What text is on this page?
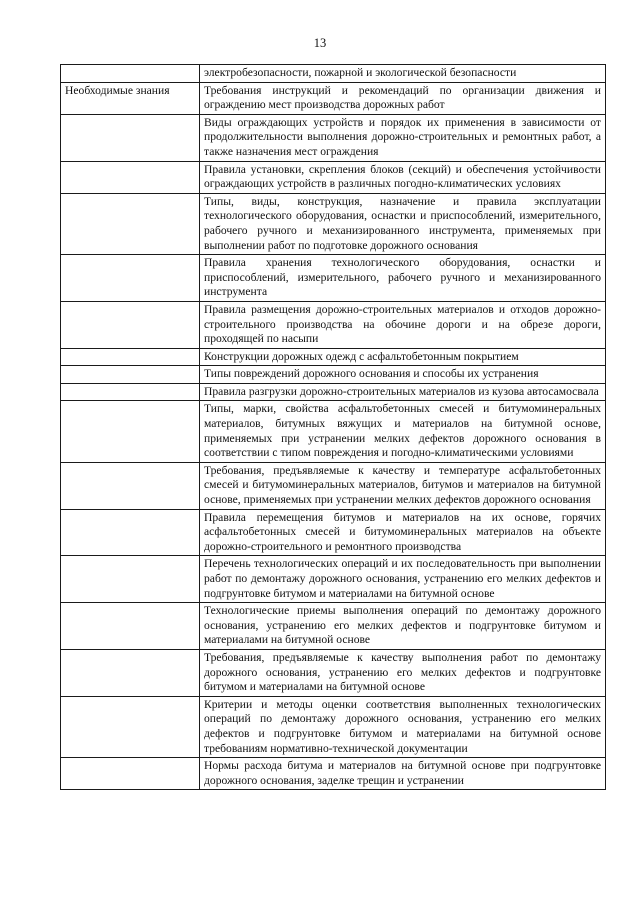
13
	электробезопасности, пожарной и экологической безопасности
Необходимые знания	Требования инструкций и рекомендаций по организации движения и ограждению мест производства дорожных работ
	Виды ограждающих устройств и порядок их применения в зависимости от продолжительности выполнения дорожно-строительных и ремонтных работ, а также назначения мест ограждения
	Правила установки, скрепления блоков (секций) и обеспечения устойчивости ограждающих устройств в различных погодно-климатических условиях
	Типы, виды, конструкция, назначение и правила эксплуатации технологического оборудования, оснастки и приспособлений, измерительного, рабочего ручного и механизированного инструмента, применяемых при выполнении работ по подготовке дорожного основания
	Правила хранения технологического оборудования, оснастки и приспособлений, измерительного, рабочего ручного и механизированного инструмента
	Правила размещения дорожно-строительных материалов и отходов дорожно-строительного производства на обочине дороги и на обрезе дороги, проходящей по насыпи
	Конструкции дорожных одежд с асфальтобетонным покрытием
	Типы повреждений дорожного основания и способы их устранения
	Правила разгрузки дорожно-строительных материалов из кузова автосамосвала
	Типы, марки, свойства асфальтобетонных смесей и битумоминеральных материалов, битумных вяжущих и материалов на битумной основе, применяемых при устранении мелких дефектов дорожного основания в соответствии с типом повреждения и погодно-климатическими условиями
	Требования, предъявляемые к качеству и температуре асфальтобетонных смесей и битумоминеральных материалов, битумов и материалов на битумной основе, применяемых при устранении мелких дефектов дорожного основания
	Правила перемещения битумов и материалов на их основе, горячих асфальтобетонных смесей и битумоминеральных материалов на объекте дорожно-строительного и ремонтного производства
	Перечень технологических операций и их последовательность при выполнении работ по демонтажу дорожного основания, устранению его мелких дефектов и подгрунтовке битумом и материалами на битумной основе
	Технологические приемы выполнения операций по демонтажу дорожного основания, устранению его мелких дефектов и подгрунтовке битумом и материалами на битумной основе
	Требования, предъявляемые к качеству выполнения работ по демонтажу дорожного основания, устранению его мелких дефектов и подгрунтовке битумом и материалами на битумной основе
	Критерии и методы оценки соответствия выполненных технологических операций по демонтажу дорожного основания, устранению его мелких дефектов и подгрунтовке битумом и материалами на битумной основе требованиям нормативно-технической документации
	Нормы расхода битума и материалов на битумной основе при подгрунтовке дорожного основания, заделке трещин и устранении
